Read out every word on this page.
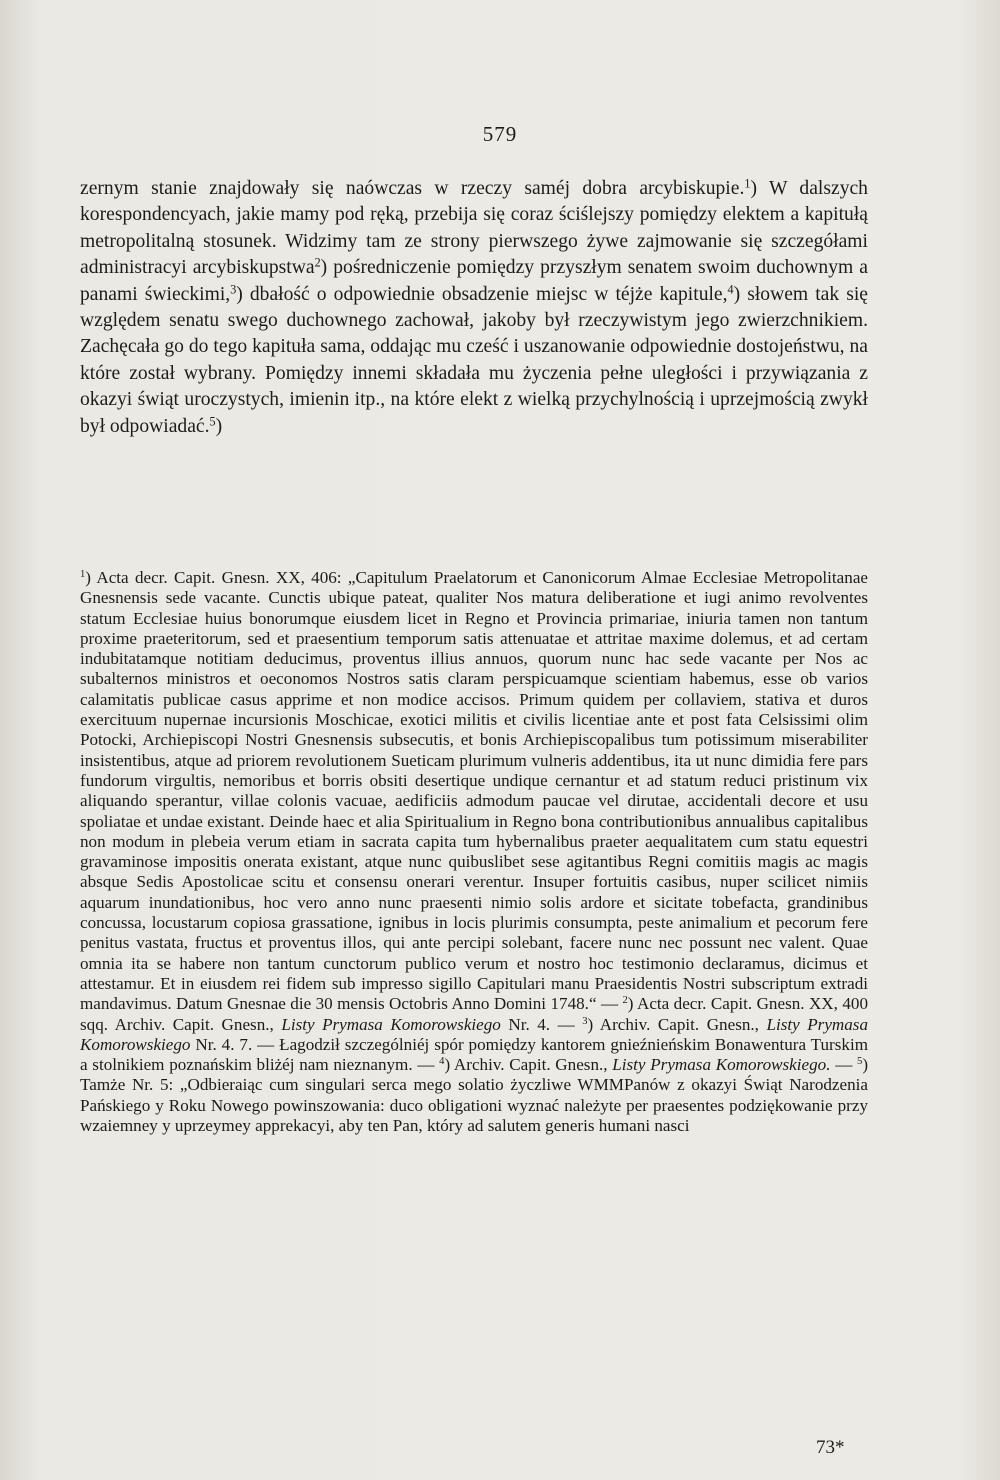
579

zernym stanie znajdowały się naówczas w rzeczy saméj dobra arcybiskupie.$^1$) W dalszych korespondencyach, jakie mamy pod ręką, przebija się coraz ściślejszy pomiędzy elektem a kapitułą metropolitalną stosunek. Widzimy tam ze strony pierwszego żywe zajmowanie się szczegółami administracyi arcybiskupstwa$^2$) pośredniczenie pomiędzy przyszłym senatem swoim duchownym a panami świeckimi,$^3$) dbałość o odpowiednie obsadzenie miejsc w téjże kapitule,$^4$) słowem tak się względem senatu swego duchownego zachował, jakoby był rzeczywistym jego zwierzchnikiem. Zachęcała go do tego kapituła sama, oddając mu cześć i uszanowanie odpowiednie dostojeństwu, na które został wybrany. Pomiędzy innemi składała mu życzenia pełne uległości i przywiązania z okazyi świąt uroczystych, imienin itp., na które elekt z wielką przychylnością i uprzejmością zwykł był odpowiadać.$^5$)

$^1$) Acta decr. Capit. Gnesn. XX, 406: „Capitulum Praelatorum et Canonicorum Almae Ecclesiae Metropolitanae Gnesnensis sede vacante. Cunctis ubique pateat, qualiter Nos matura deliberatione et iugi animo revolventes statum Ecclesiae huius bonorumque eiusdem licet in Regno et Provincia primariae, iniuria tamen non tantum proxime praeteritorum, sed et praesentium temporum satis attenuatae et attritae maxime dolemus, et ad certam indubitatamque notitiam deducimus, proventus illius annuos, quorum nunc hac sede vacante per Nos ac subalternos ministros et oeconomos Nostros satis claram perspicuamque scientiam habemus, esse ob varios calamitatis publicae casus apprime et non modice accisos. Primum quidem per collaviem, stativa et duros exercituum nupernae incursionis Moschicae, exotici militis et civilis licentiae ante et post fata Celsissimi olim Potocki, Archiepiscopi Nostri Gnesnensis subsecutis, et bonis Archiepiscopalibus tum potissimum miserabiliter insistentibus, atque ad priorem revolutionem Sueticam plurimum vulneris addentibus, ita ut nunc dimidia fere pars fundorum virgultis, nemoribus et borris obsiti desertique undique cernantur et ad statum reduci pristinum vix aliquando sperantur, villae colonis vacuae, aedificiis admodum paucae vel dirutae, accidentali decore et usu spoliatae et undae existant. Deinde haec et alia Spiritualium in Regno bona contributionibus annualibus capitalibus non modum in plebeia verum etiam in sacrata capita tum hybernalibus praeter aequalitatem cum statu equestri gravaminose impositis onerata existant, atque nunc quibuslibet sese agitantibus Regni comitiis magis ac magis absque Sedis Apostolicae scitu et consensu onerari verentur. Insuper fortuitis casibus, nuper scilicet nimiis aquarum inundationibus, hoc vero anno nunc praesenti nimio solis ardore et sicitate tobefacta, grandinibus concussa, locustarum copiosa grassatione, ignibus in locis plurimis consumpta, peste animalium et pecorum fere penitus vastata, fructus et proventus illos, qui ante percipi solebant, facere nunc nec possunt nec valent. Quae omnia ita se habere non tantum cunctorum publico verum et nostro hoc testimonio declaramus, dicimus et attestamur. Et in eiusdem rei fidem sub impresso sigillo Capitulari manu Praesidentis Nostri subscriptum extradi mandavimus. Datum Gnesnae die 30 mensis Octobris Anno Domini 1748.“ — $^2$) Acta decr. Capit. Gnesn. XX, 400 sqq. Archiv. Capit. Gnesn., Listy Prymasa Komorowskiego Nr. 4. — $^3$) Archiv. Capit. Gnesn., Listy Prymasa Komorowskiego Nr. 4. 7. — Łagodził szczególniéj spór pomiędzy kantorem gnieźnieńskim Bonawentura Turskim a stolnikiem poznańskim bliżéj nam nieznanym. — $^4$) Archiv. Capit. Gnesn., Listy Prymasa Komorowskiego. — $^5$) Tamże Nr. 5: „Odbieraiąc cum singulari serca mego solatio życzliwe WMMPanów z okazyi Świąt Narodzenia Pańskiego y Roku Nowego powinszowania: duco obligationi wyznać należyte per praesentes podziękowanie przy wzaiemney y uprzeymey apprekacyi, aby ten Pan, który ad salutem generis humani nasci

73*
